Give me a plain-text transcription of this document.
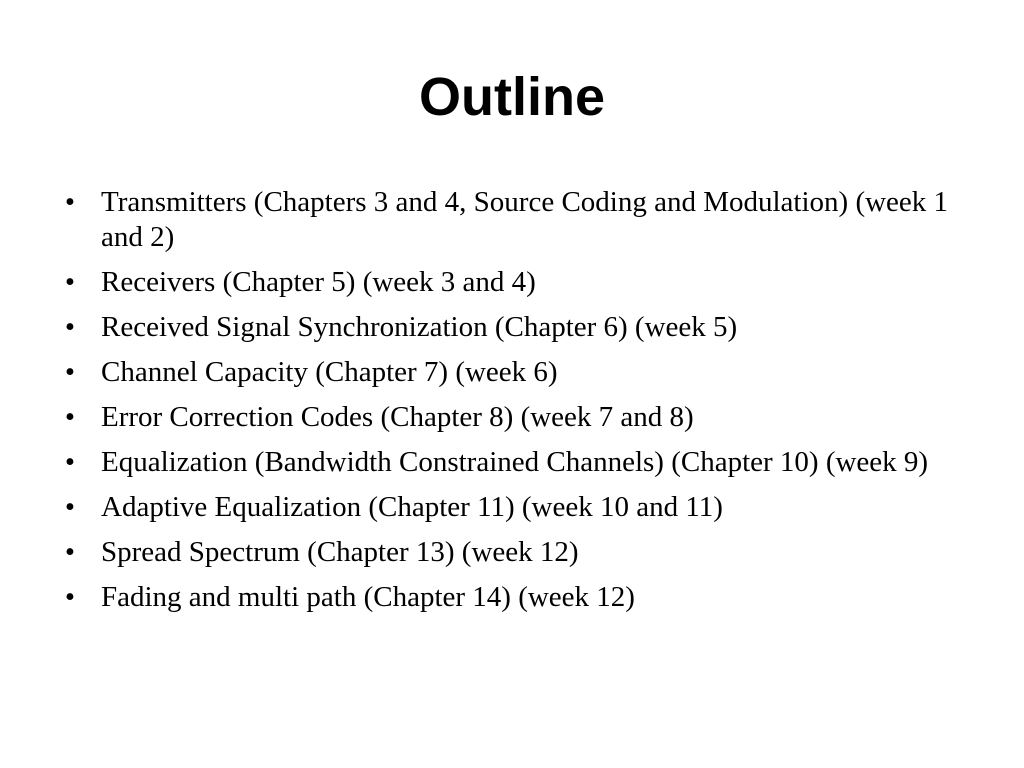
Outline
• Transmitters (Chapters 3 and 4, Source Coding and Modulation) (week 1 and 2)
• Receivers (Chapter 5) (week 3 and 4)
• Received Signal Synchronization (Chapter 6) (week 5)
• Channel Capacity (Chapter 7) (week 6)
• Error Correction Codes (Chapter 8) (week 7 and 8)
• Equalization (Bandwidth Constrained Channels) (Chapter 10) (week 9)
• Adaptive Equalization (Chapter 11) (week 10 and 11)
• Spread Spectrum (Chapter 13) (week 12)
• Fading and multi path (Chapter 14) (week 12)
